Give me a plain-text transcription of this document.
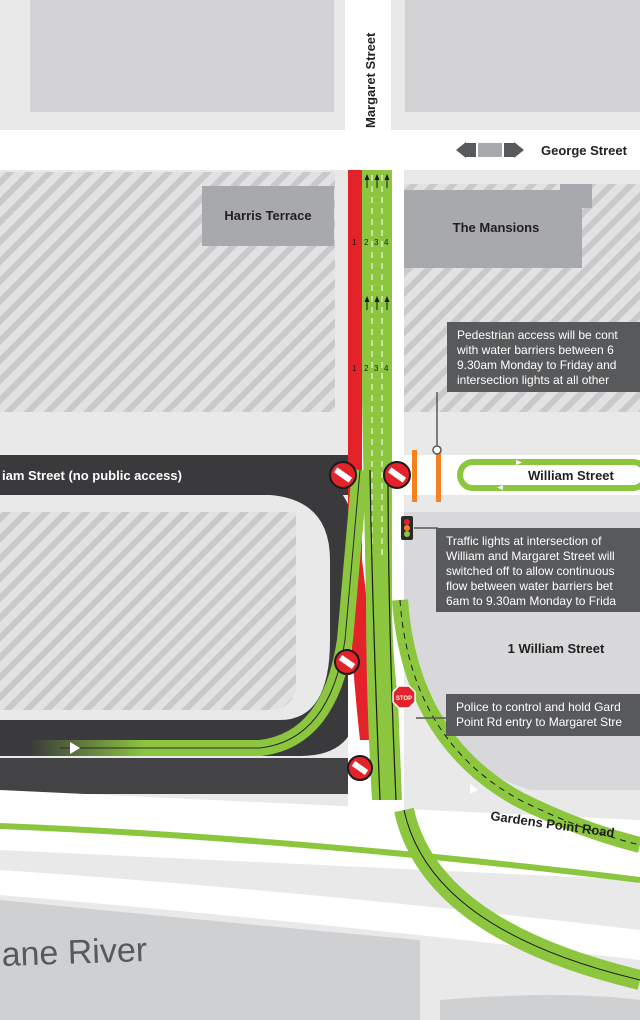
Margaret Street
George Street
Harris Terrace
The Mansions
iam Street (no public access)	William Street
1 William Street
Gardens Point Road
ane River
STOP
1 2 3 4
1 2 3 4
Pedestrian access will be cont
with water barriers between 6
9.30am Monday to Friday and
intersection lights at all other
Traffic lights at intersection of
William and Margaret Street will
switched off to allow continuous
flow between water barriers bet
6am to 9.30am Monday to Frida
Police to control and hold Gard
Point Rd entry to Margaret Stre
